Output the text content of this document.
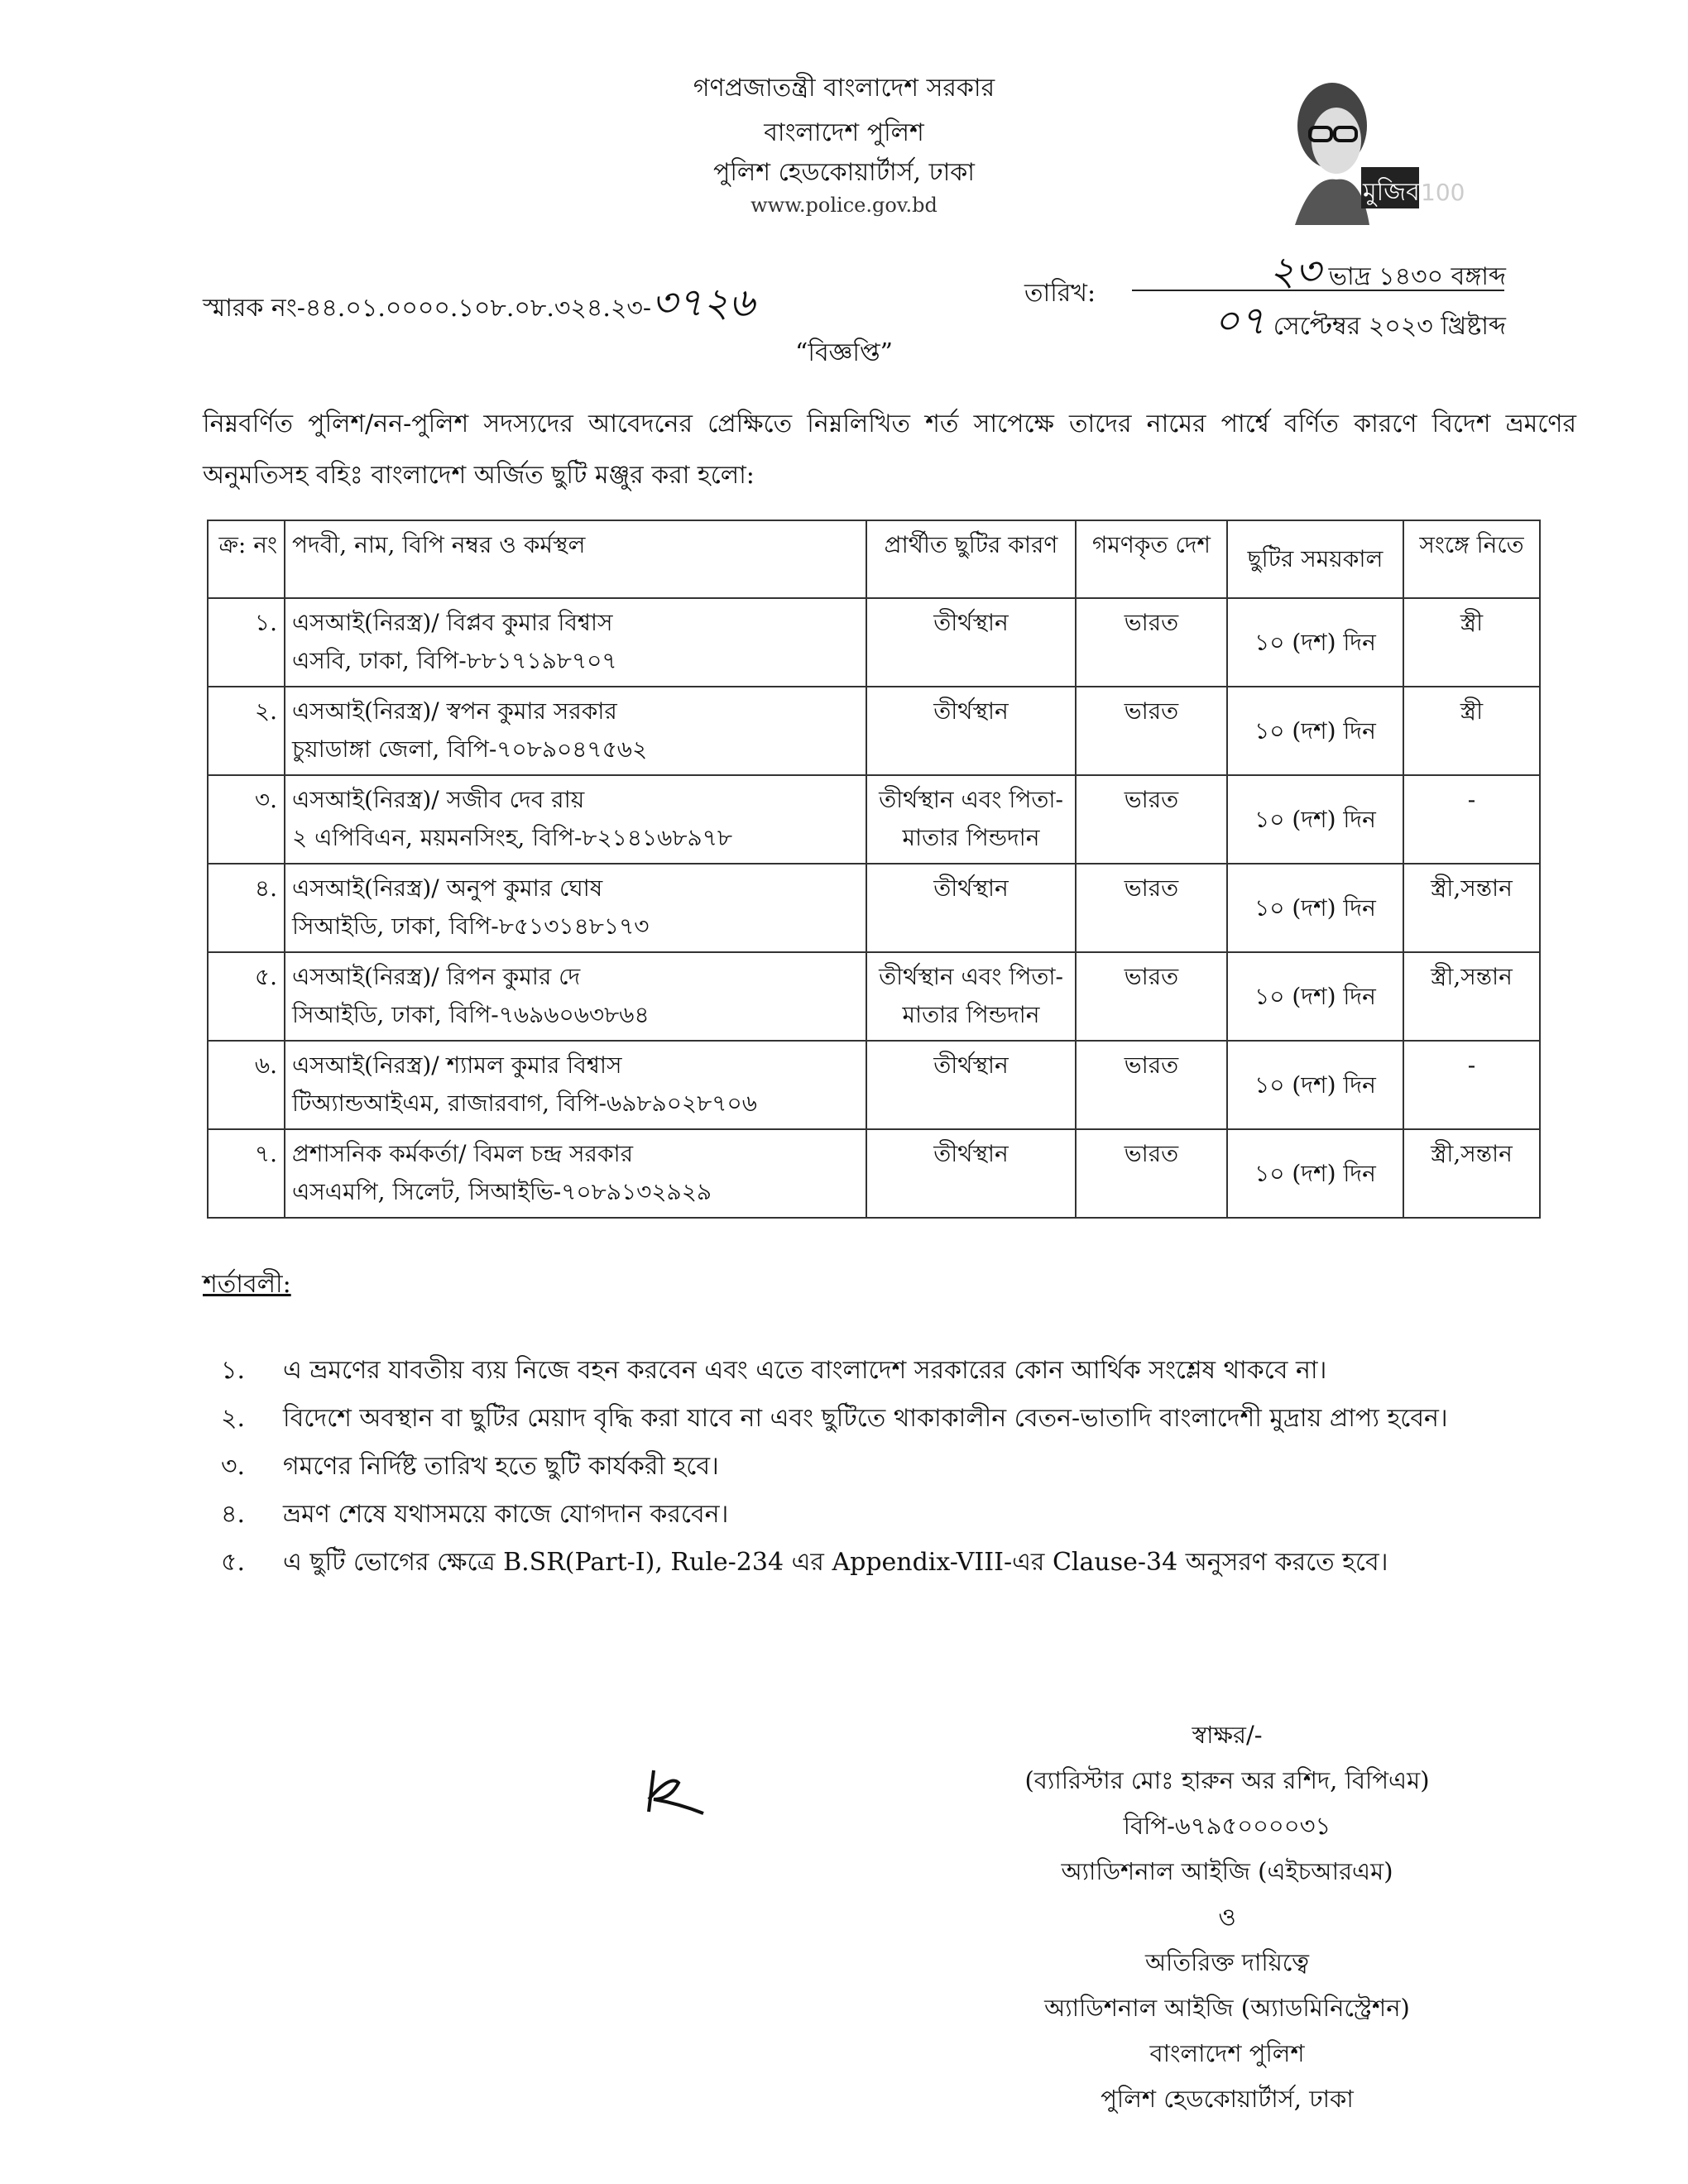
গণপ্রজাতন্ত্রী বাংলাদেশ সরকার
বাংলাদেশ পুলিশ
পুলিশ হেডকোয়ার্টার্স, ঢাকা
www.police.gov.bd	মুজিব 100
স্মারক নং-৪৪.০১.০০০০.১০৮.০৮.৩২৪.২৩-৩৭২৬	তারিখ:	২৩ ভাদ্র ১৪৩০ বঙ্গাব্দ
০৭ সেপ্টেম্বর ২০২৩ খ্রিষ্টাব্দ
“বিজ্ঞপ্তি”
নিম্নবর্ণিত পুলিশ/নন-পুলিশ সদস্যদের আবেদনের প্রেক্ষিতে নিম্নলিখিত শর্ত সাপেক্ষে তাদের নামের পার্শ্বে বর্ণিত কারণে বিদেশ ভ্রমণের অনুমতিসহ বহিঃ বাংলাদেশ অর্জিত ছুটি মঞ্জুর করা হলো:
ক্র: নং	পদবী, নাম, বিপি নম্বর ও কর্মস্থল	প্রার্থীত ছুটির কারণ	গমণকৃত দেশ	ছুটির সময়কাল	সংঙ্গে নিতে
১.	এসআই(নিরস্ত্র)/ বিপ্লব কুমার বিশ্বাস
এসবি, ঢাকা, বিপি-৮৮১৭১৯৮৭০৭	তীর্থস্থান	ভারত	১০ (দশ) দিন	স্ত্রী
২.	এসআই(নিরস্ত্র)/ স্বপন কুমার সরকার
চুয়াডাঙ্গা জেলা, বিপি-৭০৮৯০৪৭৫৬২	তীর্থস্থান	ভারত	১০ (দশ) দিন	স্ত্রী
৩.	এসআই(নিরস্ত্র)/ সজীব দেব রায়
২ এপিবিএন, ময়মনসিংহ, বিপি-৮২১৪১৬৮৯৭৮	তীর্থস্থান এবং পিতা-মাতার পিন্ডদান	ভারত	১০ (দশ) দিন	-
৪.	এসআই(নিরস্ত্র)/ অনুপ কুমার ঘোষ
সিআইডি, ঢাকা, বিপি-৮৫১৩১৪৮১৭৩	তীর্থস্থান	ভারত	১০ (দশ) দিন	স্ত্রী,সন্তান
৫.	এসআই(নিরস্ত্র)/ রিপন কুমার দে
সিআইডি, ঢাকা, বিপি-৭৬৯৬০৬৩৮৬৪	তীর্থস্থান এবং পিতা-মাতার পিন্ডদান	ভারত	১০ (দশ) দিন	স্ত্রী,সন্তান
৬.	এসআই(নিরস্ত্র)/ শ্যামল কুমার বিশ্বাস
টিঅ্যান্ডআইএম, রাজারবাগ, বিপি-৬৯৮৯০২৮৭০৬	তীর্থস্থান	ভারত	১০ (দশ) দিন	-
৭.	প্রশাসনিক কর্মকর্তা/ বিমল চন্দ্র সরকার
এসএমপি, সিলেট, সিআইভি-৭০৮৯১৩২৯২৯	তীর্থস্থান	ভারত	১০ (দশ) দিন	স্ত্রী,সন্তান
শর্তাবলী:
১. এ ভ্রমণের যাবতীয় ব্যয় নিজে বহন করবেন এবং এতে বাংলাদেশ সরকারের কোন আর্থিক সংশ্লেষ থাকবে না।
২. বিদেশে অবস্থান বা ছুটির মেয়াদ বৃদ্ধি করা যাবে না এবং ছুটিতে থাকাকালীন বেতন-ভাতাদি বাংলাদেশী মুদ্রায় প্রাপ্য হবেন।
৩. গমণের নির্দিষ্ট তারিখ হতে ছুটি কার্যকরী হবে।
৪. ভ্রমণ শেষে যথাসময়ে কাজে যোগদান করবেন।
৫. এ ছুটি ভোগের ক্ষেত্রে B.SR(Part-I), Rule-234 এর Appendix-VIII-এর Clause-34 অনুসরণ করতে হবে।
স্বাক্ষর/-
(ব্যারিস্টার মোঃ হারুন অর রশিদ, বিপিএম)
বিপি-৬৭৯৫০০০০৩১
অ্যাডিশনাল আইজি (এইচআরএম)
ও
অতিরিক্ত দায়িত্বে
অ্যাডিশনাল আইজি (অ্যাডমিনিস্ট্রেশন)
বাংলাদেশ পুলিশ
পুলিশ হেডকোয়ার্টার্স, ঢাকা
